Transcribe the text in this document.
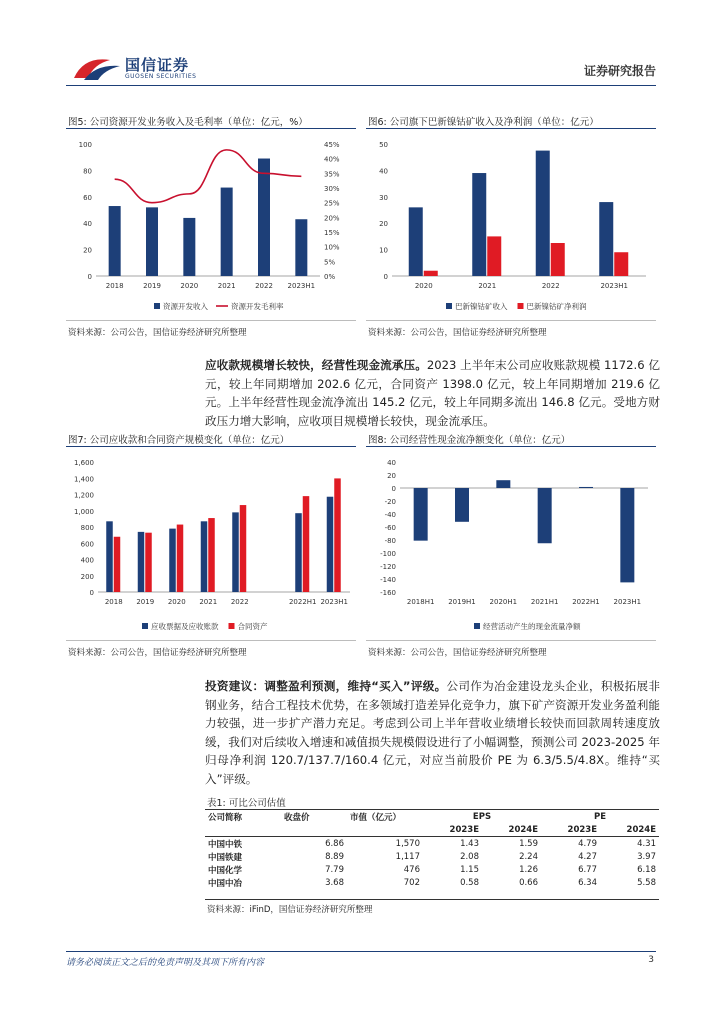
国信证券
GUOSEN SECURITIES	证券研究报告
图5: 公司资源开发业务收入及毛利率（单位：亿元，%）
0
20
40
60
80
100
0%
5%
10%
15%
20%
25%
30%
35%
40%
45%
2018	2019	2020	2021	2022 2023H1
资源开发收入	资源开发毛利率
资料来源：公司公告，国信证券经济研究所整理
图6: 公司旗下巴新镍钴矿收入及净利润（单位：亿元）
0
10
20
30
40
50
2020	2021	2022	2023H1
巴新镍钴矿收入	巴新镍钴矿净利润
资料来源：公司公告，国信证券经济研究所整理
应收款规模增长较快，经营性现金流承压。2023 上半年末公司应收账款规模 1172.6 亿元，较上年同期增加 202.6 亿元，合同资产 1398.0 亿元，较上年同期增加 219.6 亿元。上半年经营性现金流净流出 145.2 亿元，较上年同期多流出 146.8 亿元。受地方财政压力增大影响，应收项目规模增长较快，现金流承压。
图7: 公司应收款和合同资产规模变化（单位：亿元）
0
200
400
600
800
1,000
1,200
1,400
1,600
2018 2019 2020 2021 2022	2022H1 2023H1
应收票据及应收账款	合同资产
资料来源：公司公告，国信证券经济研究所整理
图8: 公司经营性现金流净额变化（单位：亿元）
40
20
0
-20
-40
-60
-80
-100
-120
-140
-160
2018H1 2019H1 2020H1 2021H1 2022H1 2023H1
经营活动产生的现金流量净额
资料来源：公司公告，国信证券经济研究所整理
投资建议：调整盈利预测，维持“买入”评级。公司作为冶金建设龙头企业，积极拓展非钢业务，结合工程技术优势，在多领域打造差异化竞争力，旗下矿产资源开发业务盈利能力较强，进一步扩产潜力充足。考虑到公司上半年营收业绩增长较快而回款周转速度放缓，我们对后续收入增速和减值损失规模假设进行了小幅调整，预测公司 2023-2025 年归母净利润 120.7/137.7/160.4 亿元，对应当前股价 PE 为 6.3/5.5/4.8X。维持“买入”评级。
表1: 可比公司估值
公司简称	收盘价	市值（亿元）	EPS		PE	
			2023E	2024E	2023E	2024E
中国中铁	6.86	1,570	1.43	1.59	4.79	4.31
中国铁建	8.89	1,117	2.08	2.24	4.27	3.97
中国化学	7.79	476	1.15	1.26	6.77	6.18
中国中冶	3.68	702	0.58	0.66	6.34	5.58
资料来源：iFinD，国信证券经济研究所整理
请务必阅读正文之后的免责声明及其项下所有内容	3
